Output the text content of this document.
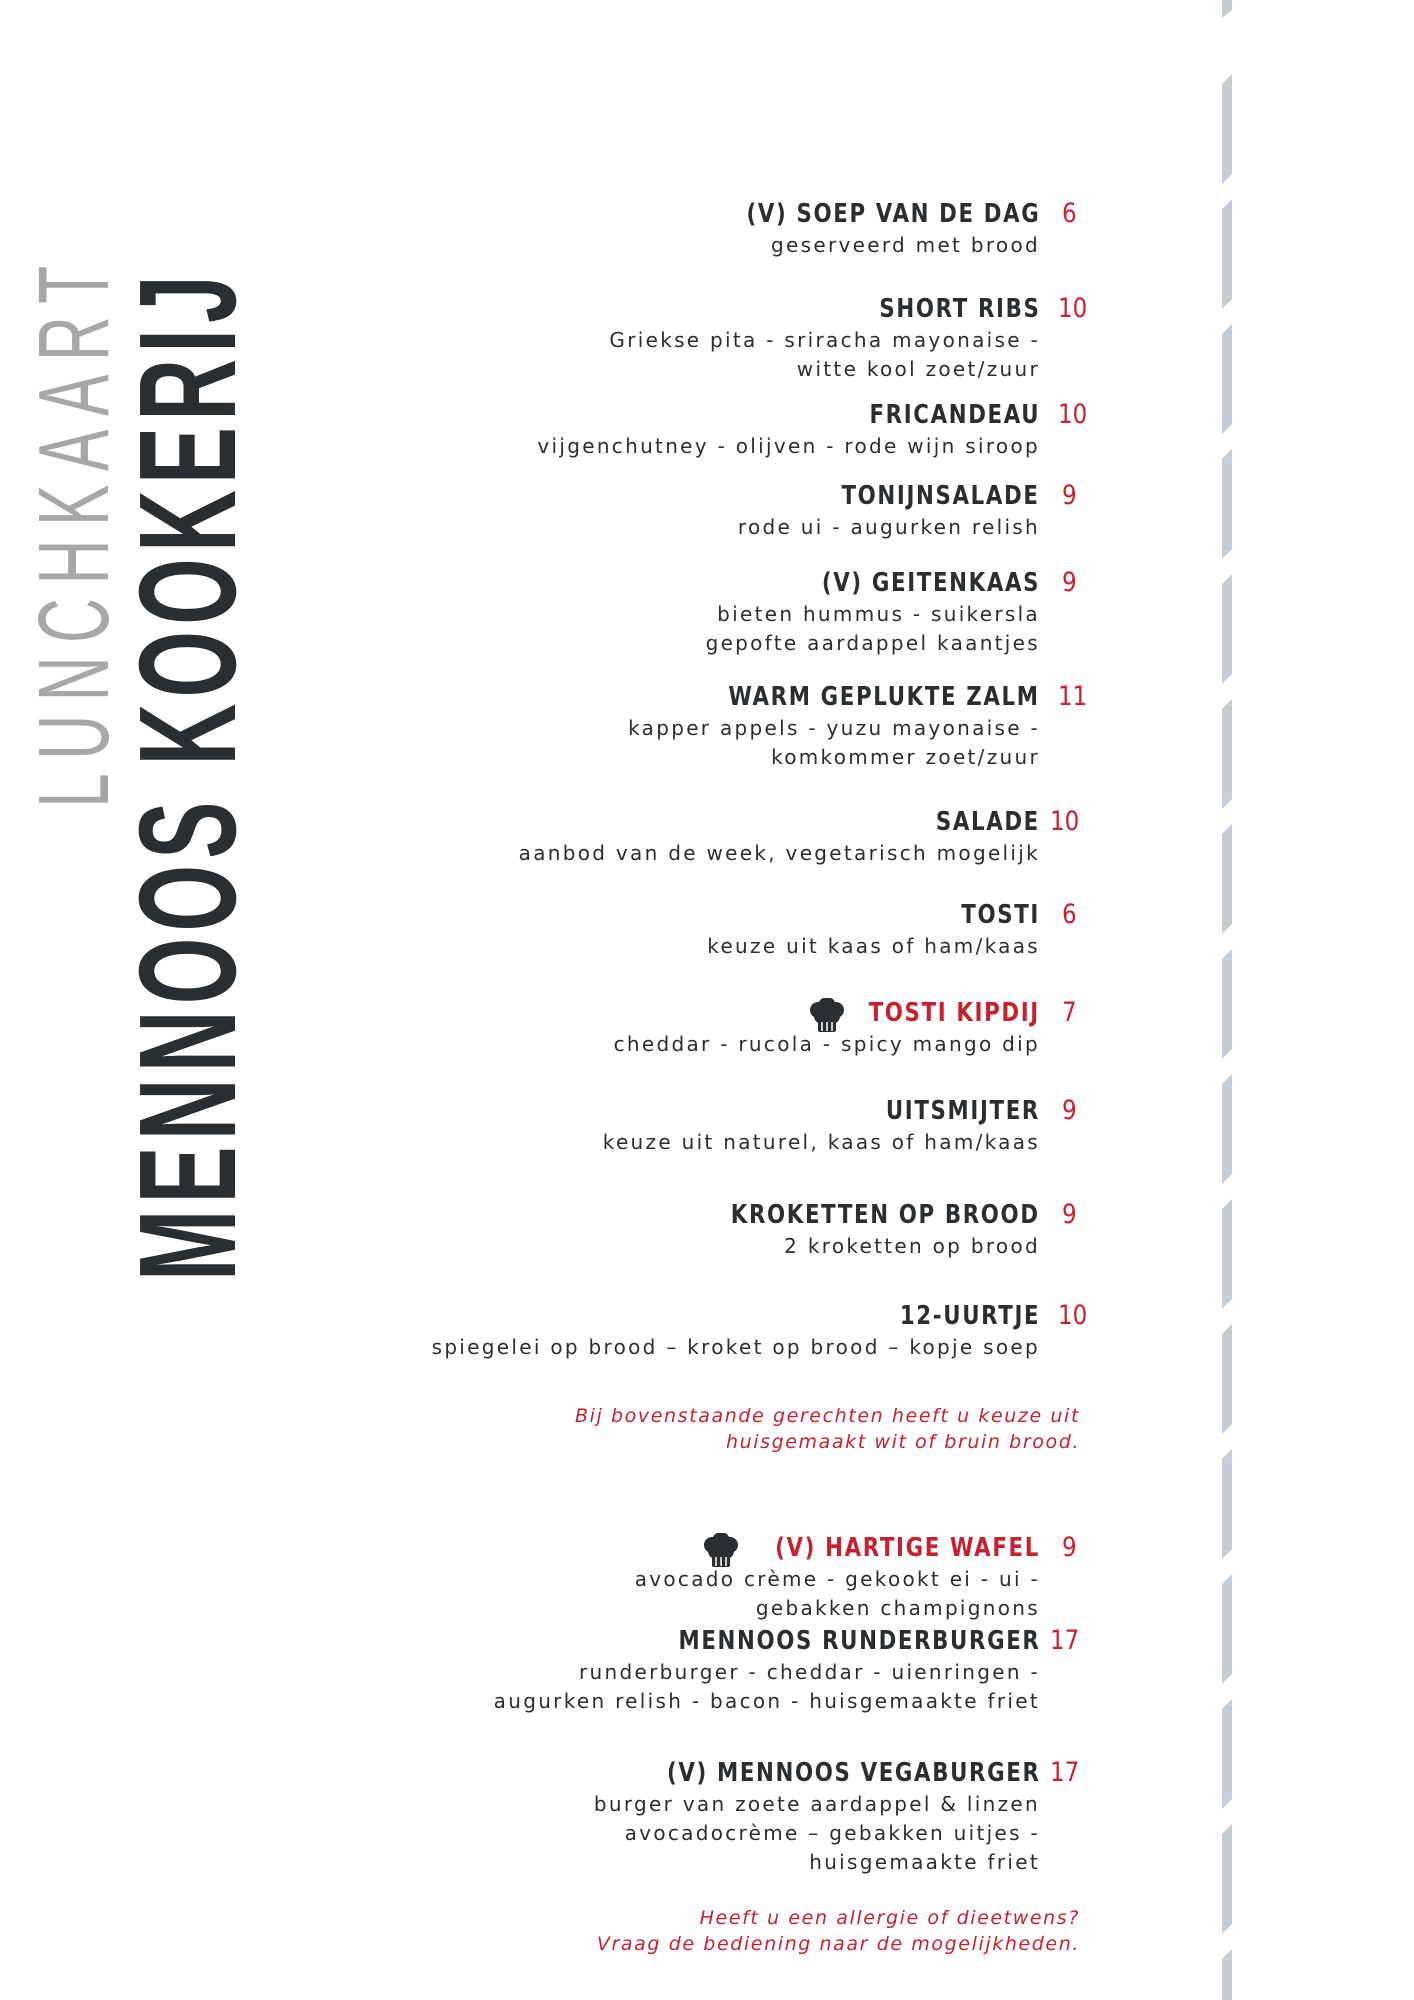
LUNCHKAART
MENNOOS KOOKERIJ
(V) SOEP VAN DE DAG
geserveerd met brood
6
SHORT RIBS
Griekse pita - sriracha mayonaise -
witte kool zoet/zuur
10
FRICANDEAU
vijgenchutney - olijven - rode wijn siroop
10
TONIJNSALADE
rode ui - augurken relish
9
(V) GEITENKAAS
bieten hummus - suikersla
gepofte aardappel kaantjes
9
WARM GEPLUKTE ZALM
kapper appels - yuzu mayonaise -
komkommer zoet/zuur
11
SALADE
aanbod van de week, vegetarisch mogelijk
10
TOSTI
keuze uit kaas of ham/kaas
6
TOSTI KIPDIJ
cheddar - rucola - spicy mango dip
7
UITSMIJTER
keuze uit naturel, kaas of ham/kaas
9
KROKETTEN OP BROOD
2 kroketten op brood
9
12-UURTJE
spiegelei op brood – kroket op brood – kopje soep
10
(V) HARTIGE WAFEL
avocado crème - gekookt ei - ui -
gebakken champignons
9
MENNOOS RUNDERBURGER
runderburger - cheddar - uienringen -
augurken relish - bacon - huisgemaakte friet
17
(V) MENNOOS VEGABURGER
burger van zoete aardappel & linzen
avocadocrème – gebakken uitjes -
huisgemaakte friet
17
Bij bovenstaande gerechten heeft u keuze uit
huisgemaakt wit of bruin brood.
Heeft u een allergie of dieetwens?
Vraag de bediening naar de mogelijkheden.
